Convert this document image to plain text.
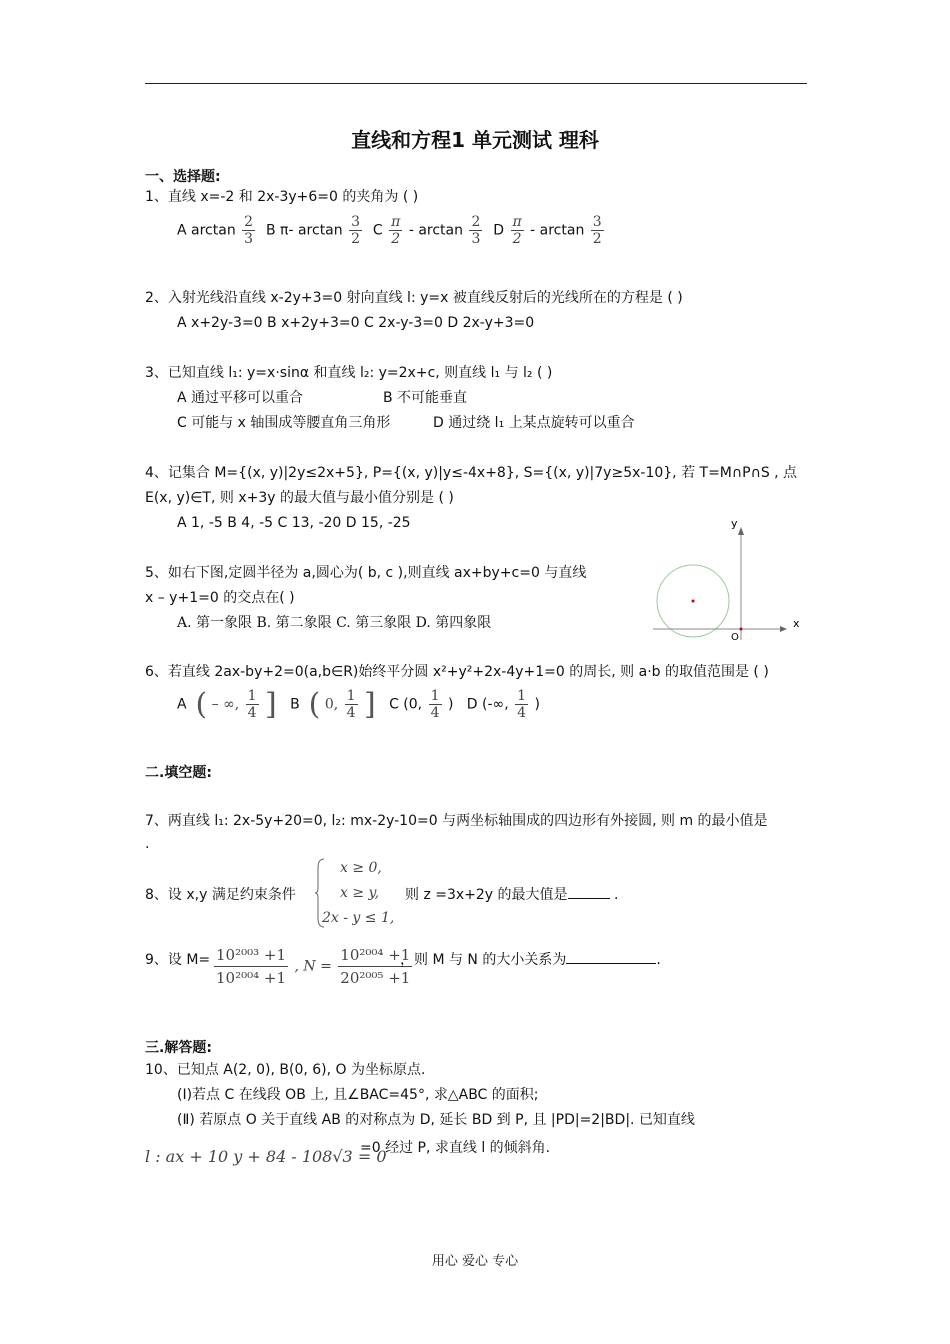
直线和方程1 单元测试 理科
一、选择题:
1、直线 x=-2 和 2x-3y+6=0 的夹角为 ( )
A $\arctan \frac{2}{3}$ B π- $\arctan \frac{3}{2}$ C $\frac{\pi}{2}$ - $\arctan \frac{2}{3}$ D $\frac{\pi}{2}$ - $\arctan \frac{3}{2}$
2、入射光线沿直线 x-2y+3=0 射向直线 l: y=x 被直线反射后的光线所在的方程是 ( )
A x+2y-3=0 B x+2y+3=0 C 2x-y-3=0 D 2x-y+3=0
3、已知直线 l₁: y=x·sinα 和直线 l₂: y=2x+c, 则直线 l₁ 与 l₂ ( )
A 通过平移可以重合	B 不可能垂直
C 可能与 x 轴围成等腰直角三角形	D 通过绕 l₁ 上某点旋转可以重合
4、记集合 M={(x, y)|2y≤2x+5}, P={(x, y)|y≤-4x+8}, S={(x, y)|7y≥5x-10}, 若 T=M∩P∩S , 点
E(x, y)∈T, 则 x+3y 的最大值与最小值分别是 ( )
A 1, -5 B 4, -5 C 13, -20 D 15, -25
5、如右下图,定圆半径为 a,圆心为( b, c ),则直线 ax+by+c=0 与直线
x – y+1=0 的交点在( )
A. 第一象限 B. 第二象限 C. 第三象限 D. 第四象限
y
x
O
6、若直线 2ax-by+2=0(a,b∈R)始终平分圆 x²+y²+2x-4y+1=0 的周长, 则 a·b 的取值范围是 ( )
A ( – ∞, $\frac{1}{4}$ ] B ( 0, $\frac{1}{4}$ ] C (0, $\frac{1}{4}$ ) D (-∞, $\frac{1}{4}$ )
二.填空题:
7、两直线 l₁: 2x-5y+20=0, l₂: mx-2y-10=0 与两坐标轴围成的四边形有外接圆, 则 m 的最小值是
.
8、设 x,y 满足约束条件
x ≥ 0,
x ≥ y,
2x - y ≤ 1,
则 z =3x+2y 的最大值是	.
9、设 $M= \frac{\text{10²⁰⁰³ +1}}{\text{10²⁰⁰⁴ +1}}$ , $N = \frac{\text{10²⁰⁰⁴ +1}}{\text{20²⁰⁰⁵ +1}}$
，则 M 与 N 的大小关系为	.
三.解答题:
10、已知点 A(2, 0), B(0, 6), O 为坐标原点.
(Ⅰ)若点 C 在线段 OB 上, 且∠BAC=45°, 求△ABC 的面积;
(Ⅱ) 若原点 O 关于直线 AB 的对称点为 D, 延长 BD 到 P, 且 |PD|=2|BD|. 已知直线
l : ax + 10 y + 84 - 108√3 = 0
=0 经过 P, 求直线 l 的倾斜角.
用心 爱心 专心
